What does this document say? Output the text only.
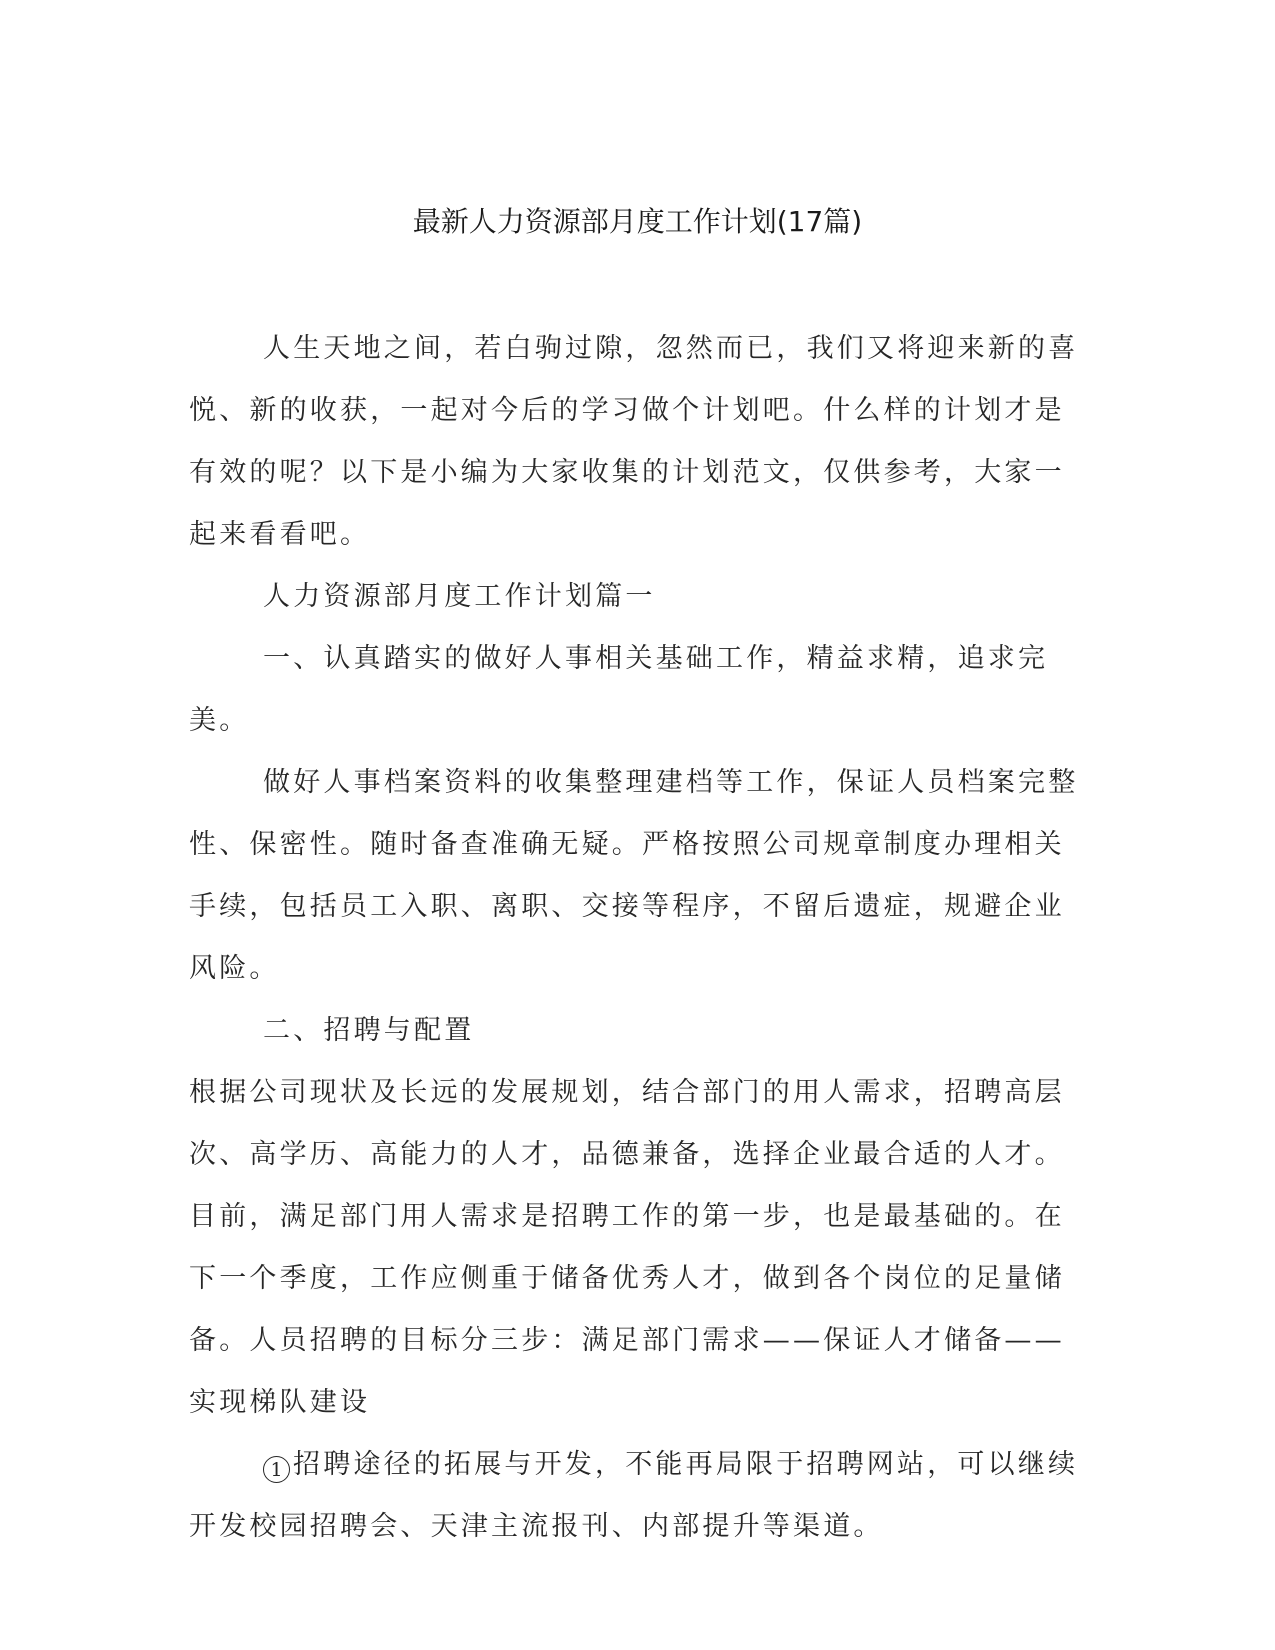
最新人力资源部月度工作计划(17篇)

人生天地之间，若白驹过隙，忽然而已，我们又将迎来新的喜悦、新的收获，一起对今后的学习做个计划吧。什么样的计划才是有效的呢？以下是小编为大家收集的计划范文，仅供参考，大家一起来看看吧。

人力资源部月度工作计划篇一

一、认真踏实的做好人事相关基础工作，精益求精，追求完美。

做好人事档案资料的收集整理建档等工作，保证人员档案完整性、保密性。随时备查准确无疑。严格按照公司规章制度办理相关手续，包括员工入职、离职、交接等程序，不留后遗症，规避企业风险。

二、招聘与配置

根据公司现状及长远的发展规划，结合部门的用人需求，招聘高层次、高学历、高能力的人才，品德兼备，选择企业最合适的人才。目前，满足部门用人需求是招聘工作的第一步，也是最基础的。在下一个季度，工作应侧重于储备优秀人才，做到各个岗位的足量储备。人员招聘的目标分三步：满足部门需求——保证人才储备——实现梯队建设

1 招聘途径的拓展与开发，不能再局限于招聘网站，可以继续开发校园招聘会、天津主流报刊、内部提升等渠道。
